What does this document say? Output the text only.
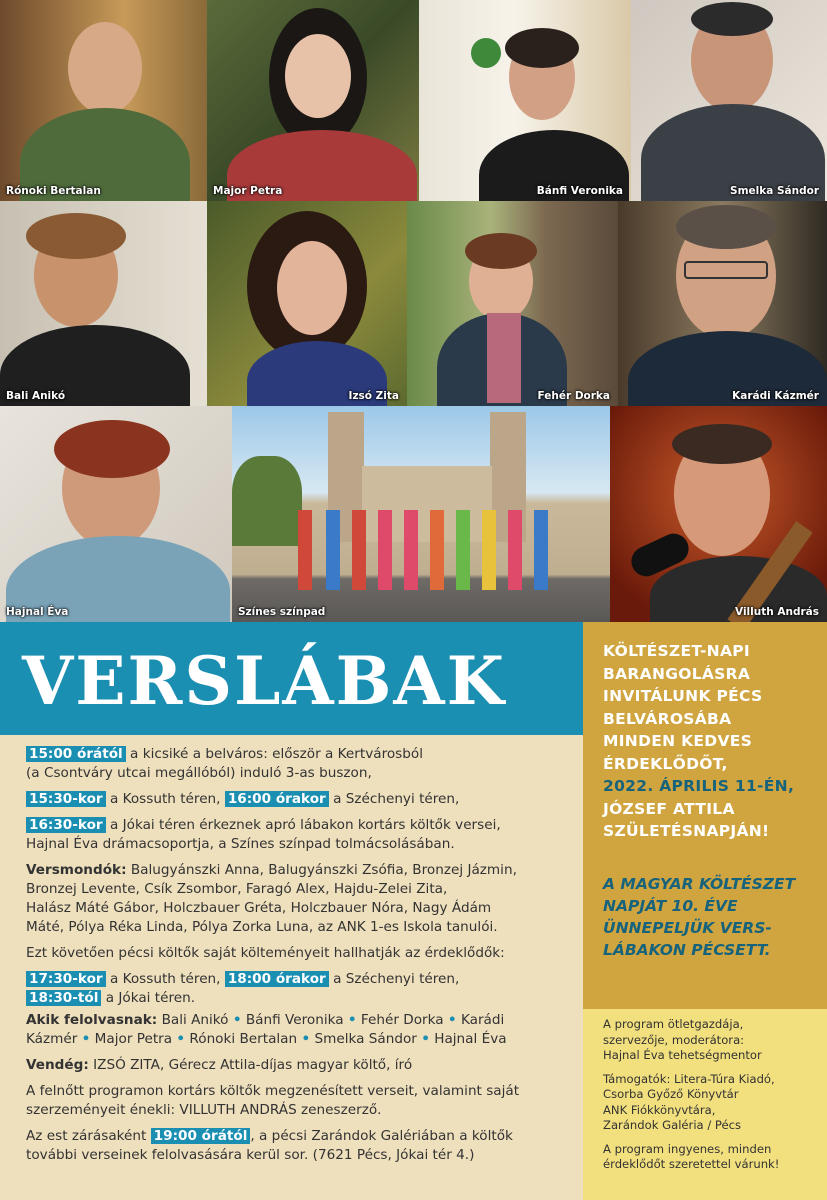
Rónoki Bertalan	Major Petra	Bánfi Veronika	Smelka Sándor
Bali Anikó	Izsó Zita	Fehér Dorka	Karádi Kázmér
Hajnal Éva	Színes színpad	Villuth András
VERSLÁBAK

15:00 órától a kicsiké a belváros: először a Kertvárosból
(a Csontváry utcai megállóból) induló 3-as buszon,

15:30-kor a Kossuth téren, 16:00 órakor a Széchenyi téren,

16:30-kor a Jókai téren érkeznek apró lábakon kortárs költők versei,
Hajnal Éva drámacsoportja, a Színes színpad tolmácsolásában.

Versmondók: Balugyánszki Anna, Balugyánszki Zsófia, Bronzej Jázmin,
Bronzej Levente, Csík Zsombor, Faragó Alex, Hajdu-Zelei Zita,
Halász Máté Gábor, Holczbauer Gréta, Holczbauer Nóra, Nagy Ádám
Máté, Pólya Réka Linda, Pólya Zorka Luna, az ANK 1-es Iskola tanulói.

Ezt követően pécsi költők saját költeményeit hallhatják az érdeklődők:

17:30-kor a Kossuth téren, 18:00 órakor a Széchenyi téren,
18:30-tól a Jókai téren.

Akik felolvasnak: Bali Anikó • Bánfi Veronika • Fehér Dorka • Karádi
Kázmér • Major Petra • Rónoki Bertalan • Smelka Sándor • Hajnal Éva

Vendég: IZSÓ ZITA, Gérecz Attila-díjas magyar költő, író

A felnőtt programon kortárs költők megzenésített verseit, valamint saját
szerzeményeit énekli: VILLUTH ANDRÁS zeneszerző.

Az est zárásaként 19:00 órától , a pécsi Zarándok Galériában a költők
további verseinek felolvasására kerül sor. (7621 Pécs, Jókai tér 4.)

KÖLTÉSZET-NAPI
BARANGOLÁSRA
INVITÁLUNK PÉCS
BELVÁROSÁBA
MINDEN KEDVES
ÉRDEKLŐDŐT,
2022. ÁPRILIS 11-ÉN,
JÓZSEF ATTILA
SZÜLETÉSNAPJÁN!
A MAGYAR KÖLTÉSZET
NAPJÁT 10. ÉVE
ÜNNEPELJÜK VERS-
LÁBAKON PÉCSETT.

A program ötletgazdája,
szervezője, moderátora:
Hajnal Éva tehetségmentor

Támogatók: Litera-Túra Kiadó,
Csorba Győző Könyvtár
ANK Fiókkönyvtára,
Zarándok Galéria / Pécs

A program ingyenes, minden
érdeklődőt szeretettel várunk!
